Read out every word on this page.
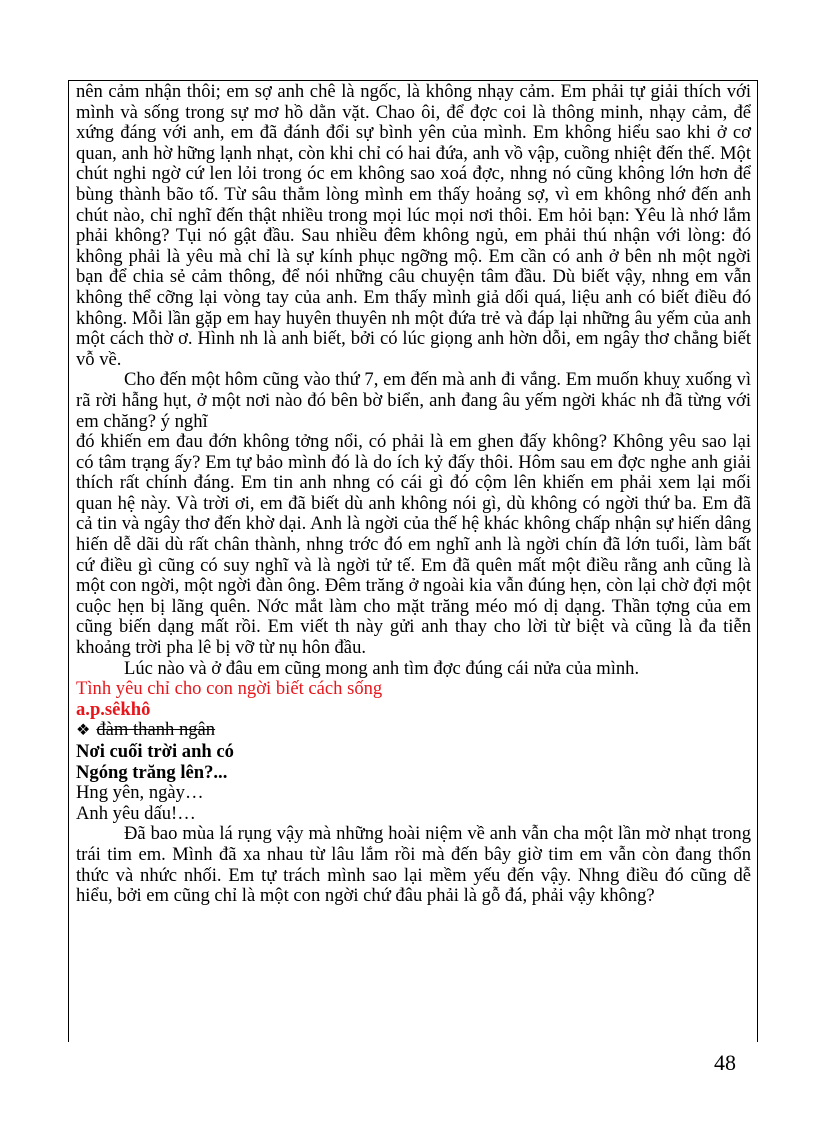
nên cảm nhận thôi; em sợ anh chê là ngốc, là không nhạy cảm. Em phải tự giải thích với mình và sống trong sự mơ hồ dằn vặt. Chao ôi, để đợc coi là thông minh, nhạy cảm, để xứng đáng với anh, em đã đánh đổi sự bình yên của mình. Em không hiểu sao khi ở cơ quan, anh hờ hững lạnh nhạt, còn khi chỉ có hai đứa, anh vồ vập, cuồng nhiệt đến thế. Một chút nghi ngờ cứ len lỏi trong óc em không sao xoá đợc, nhng nó cũng không lớn hơn để bùng thành bão tố. Từ sâu thẳm lòng mình em thấy hoảng sợ, vì em không nhớ đến anh chút nào, chỉ nghĩ đến thật nhiều trong mọi lúc mọi nơi thôi. Em hỏi bạn: Yêu là nhớ lắm phải không? Tụi nó gật đầu. Sau nhiều đêm không ngủ, em phải thú nhận với lòng: đó không phải là yêu mà chỉ là sự kính phục ngỡng mộ. Em cần có anh ở bên nh một ngời bạn để chia sẻ cảm thông, để nói những câu chuyện tâm đầu. Dù biết vậy, nhng em vẫn không thể cỡng lại vòng tay của anh. Em thấy mình giả dối quá, liệu anh có biết điều đó không. Mỗi lần gặp em hay huyên thuyên nh một đứa trẻ và đáp lại những âu yếm của anh một cách thờ ơ. Hình nh là anh biết, bởi có lúc giọng anh hờn dỗi, em ngây thơ chẳng biết vỗ về.

Cho đến một hôm cũng vào thứ 7, em đến mà anh đi vắng. Em muốn khuỵ xuống vì rã rời hẫng hụt, ở một nơi nào đó bên bờ biển, anh đang âu yếm ngời khác nh đã từng với em chăng? ý nghĩ

đó khiến em đau đớn không tởng nổi, có phải là em ghen đấy không? Không yêu sao lại có tâm trạng ấy? Em tự bảo mình đó là do ích kỷ đấy thôi. Hôm sau em đợc nghe anh giải thích rất chính đáng. Em tin anh nhng có cái gì đó cộm lên khiến em phải xem lại mối quan hệ này. Và trời ơi, em đã biết dù anh không nói gì, dù không có ngời thứ ba. Em đã cả tin và ngây thơ đến khờ dại. Anh là ngời của thế hệ khác không chấp nhận sự hiến dâng hiến dễ dãi dù rất chân thành, nhng trớc đó em nghĩ anh là ngời chín đã lớn tuổi, làm bất cứ điều gì cũng có suy nghĩ và là ngời tử tế. Em đã quên mất một điều rằng anh cũng là một con ngời, một ngời đàn ông. Đêm trăng ở ngoài kia vẫn đúng hẹn, còn lại chờ đợi một cuộc hẹn bị lãng quên. Nớc mắt làm cho mặt trăng méo mó dị dạng. Thần tợng của em cũng biến dạng mất rồi. Em viết th này gửi anh thay cho lời từ biệt và cũng là đa tiễn khoảng trời pha lê bị vỡ từ nụ hôn đầu.

Lúc nào và ở đâu em cũng mong anh tìm đợc đúng cái nửa của mình.

Tình yêu chỉ cho con ngời biết cách sống

a.p.sêkhô

❖ đàm thanh ngân

Nơi cuối trời anh có

Ngóng trăng lên?...

Hng yên, ngày…

Anh yêu dấu!…

Đã bao mùa lá rụng vậy mà những hoài niệm về anh vẫn cha một lần mờ nhạt trong trái tim em. Mình đã xa nhau từ lâu lắm rồi mà đến bây giờ tim em vẫn còn đang thổn thức và nhức nhối. Em tự trách mình sao lại mềm yếu đến vậy. Nhng điều đó cũng dễ hiểu, bởi em cũng chỉ là một con ngời chứ đâu phải là gỗ đá, phải vậy không?

48
